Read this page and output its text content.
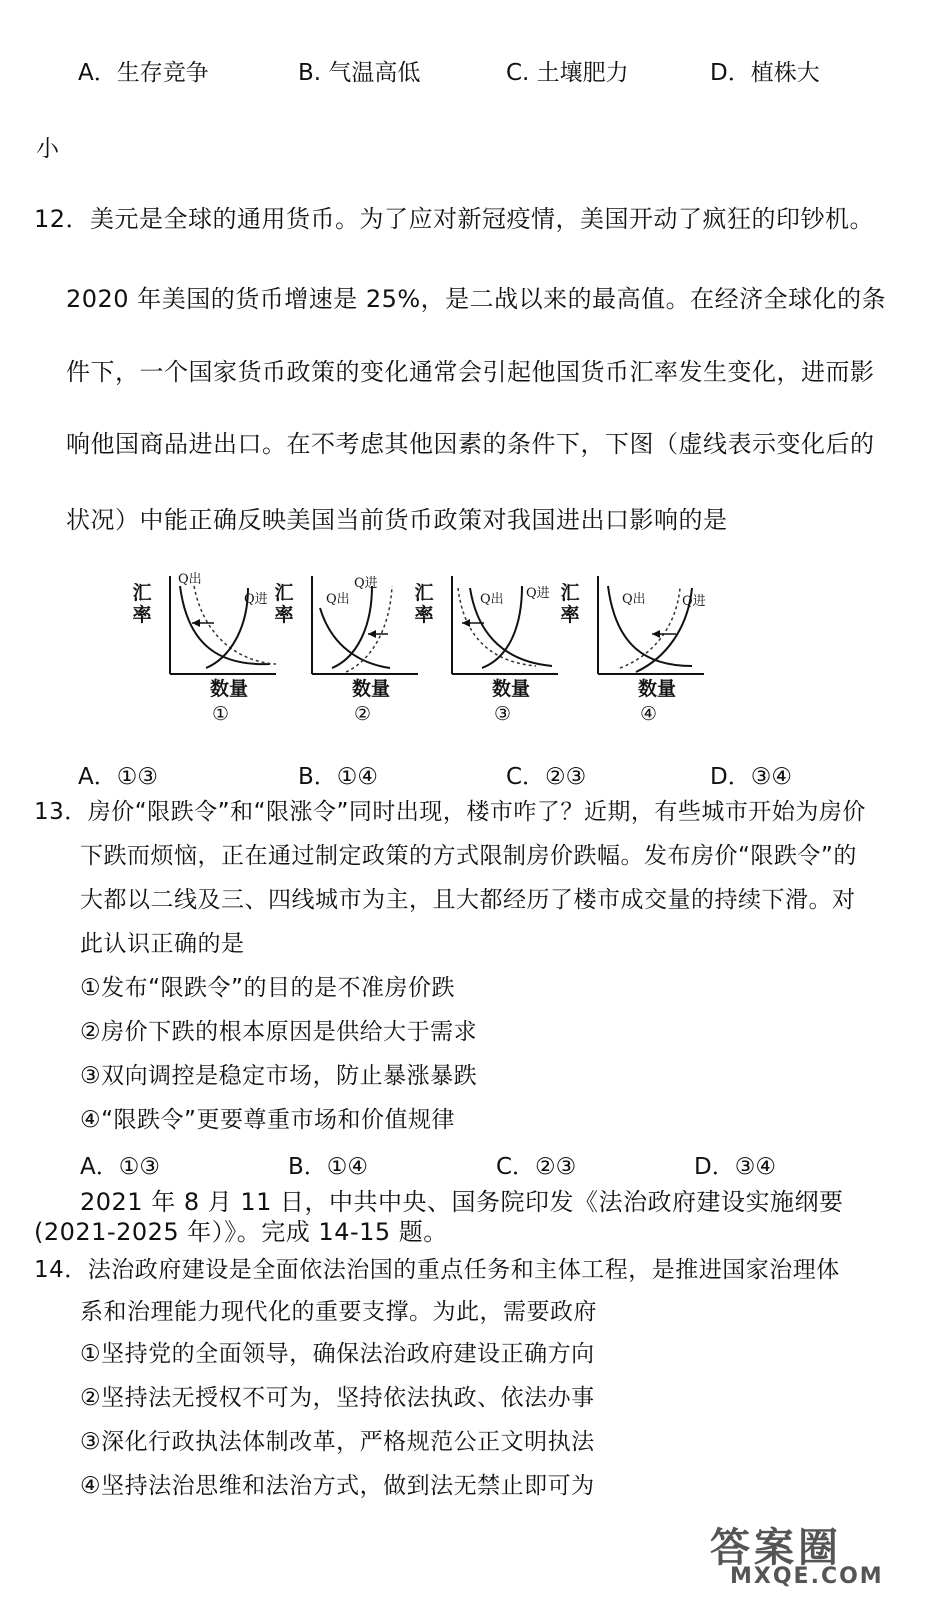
A．生存竞争	B. 气温高低	C. 土壤肥力	D．植株大
小
12．美元是全球的通用货币。为了应对新冠疫情，美国开动了疯狂的印钞机。
2020 年美国的货币增速是 25%，是二战以来的最高值。在经济全球化的条
件下，一个国家货币政策的变化通常会引起他国货币汇率发生变化，进而影
响他国商品进出口。在不考虑其他因素的条件下，下图（虚线表示变化后的
状况）中能正确反映美国当前货币政策对我国进出口影响的是
汇率
Q出
Q进
数量
①
汇率
Q出
Q进
数量
②
汇率
Q出 Q进
数量
③
汇率
Q出	Q进
数量
④
A．①③	B．①④	C．②③	D．③④
13．房价“限跌令”和“限涨令”同时出现，楼市咋了？近期，有些城市开始为房价
下跌而烦恼，正在通过制定政策的方式限制房价跌幅。发布房价“限跌令”的
大都以二线及三、四线城市为主，且大都经历了楼市成交量的持续下滑。对
此认识正确的是
①发布“限跌令”的目的是不准房价跌
②房价下跌的根本原因是供给大于需求
③双向调控是稳定市场，防止暴涨暴跌
④“限跌令”更要尊重市场和价值规律
A．①③	B．①④	C．②③	D．③④
2021 年 8 月 11 日，中共中央、国务院印发《法治政府建设实施纲要
(2021-2025 年）》。完成 14-15 题。
14．法治政府建设是全面依法治国的重点任务和主体工程，是推进国家治理体
系和治理能力现代化的重要支撑。为此，需要政府
①坚持党的全面领导，确保法治政府建设正确方向
②坚持法无授权不可为，坚持依法执政、依法办事
③深化行政执法体制改革，严格规范公正文明执法
④坚持法治思维和法治方式，做到法无禁止即可为
答案圈
MXQE.COM
